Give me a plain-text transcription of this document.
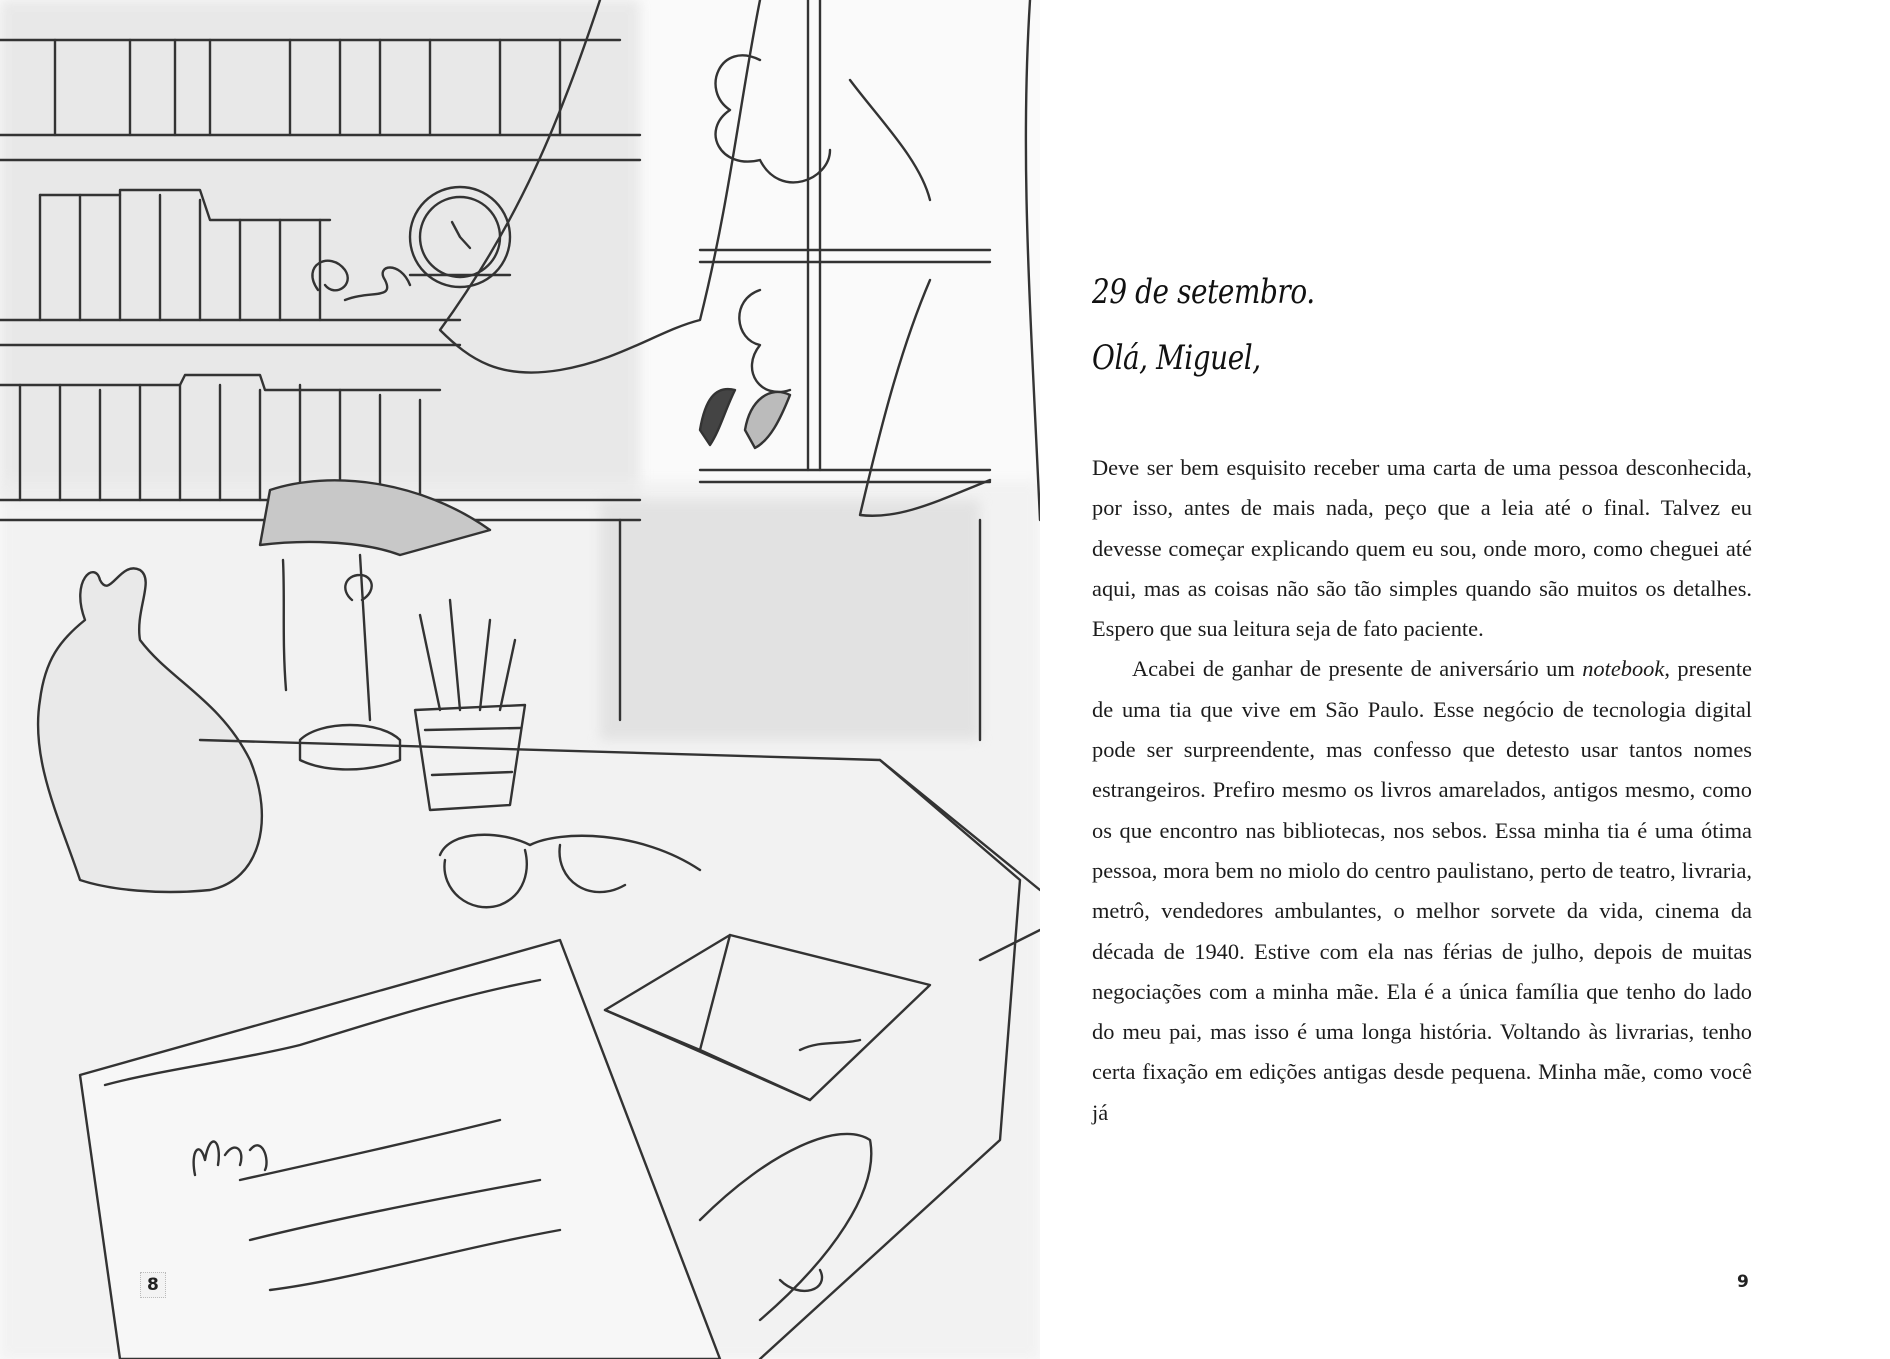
8
29 de setembro.
Olá, Miguel,

Deve ser bem esquisito receber uma carta de uma pessoa desconhecida, por isso, antes de mais nada, peço que a leia até o final. Talvez eu devesse começar explicando quem eu sou, onde moro, como cheguei até aqui, mas as coisas não são tão simples quando são muitos os detalhes. Espero que sua leitura seja de fato paciente.

Acabei de ganhar de presente de aniversário um notebook, presente de uma tia que vive em São Paulo. Esse negócio de tecnologia digital pode ser surpreendente, mas confesso que detesto usar tantos nomes estrangeiros. Prefiro mesmo os livros amarelados, antigos mesmo, como os que encontro nas bibliotecas, nos sebos. Essa minha tia é uma ótima pessoa, mora bem no miolo do centro paulistano, perto de teatro, livraria, metrô, vendedores ambulantes, o melhor sorvete da vida, cinema da década de 1940. Estive com ela nas férias de julho, depois de muitas negociações com a minha mãe. Ela é a única família que tenho do lado do meu pai, mas isso é uma longa história. Voltando às livrarias, tenho certa fixação em edições antigas desde pequena. Minha mãe, como você já

9
